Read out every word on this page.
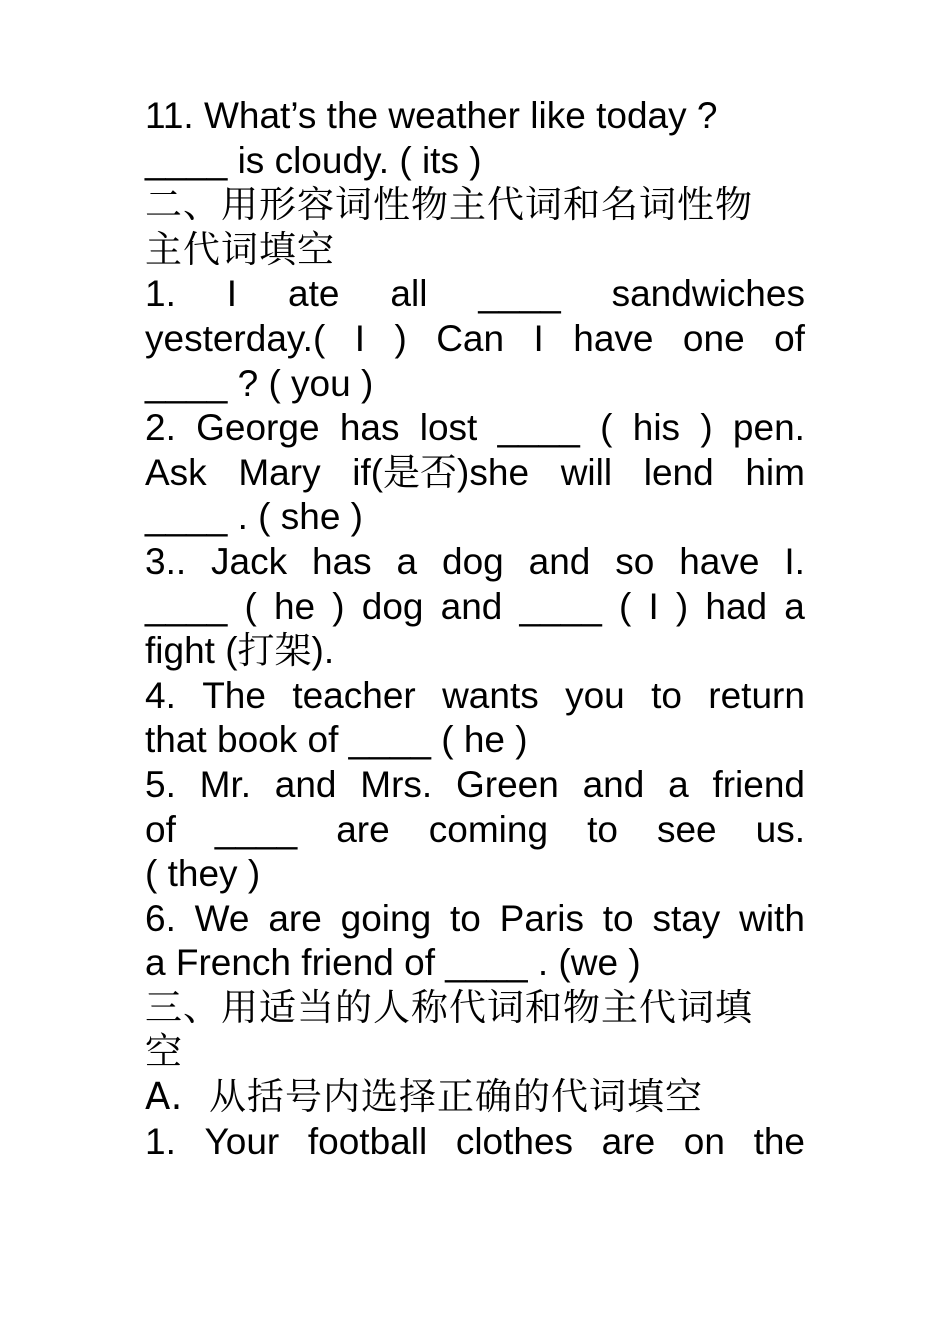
11. What’s the weather like today ?
____ is cloudy. ( its )
二、用形容词性物主代词和名词性物
主代词填空
1. I ate all ____ sandwiches
yesterday.( I ) Can I have one of
____ ? ( you )
2. George has lost ____ ( his ) pen.
Ask Mary if(是否)she will lend him
____ . ( she )
3.. Jack has a dog and so have I.
____ ( he ) dog and ____ ( I ) had a
fight (打架).
4. The teacher wants you to return
that book of ____ ( he )
5. Mr. and Mrs. Green and a friend
of ____ are coming to see us.
( they )
6. We are going to Paris to stay with
a French friend of ____ . (we )
三、用适当的人称代词和物主代词填
空
A.  从括号内选择正确的代词填空
1. Your football clothes are on the
